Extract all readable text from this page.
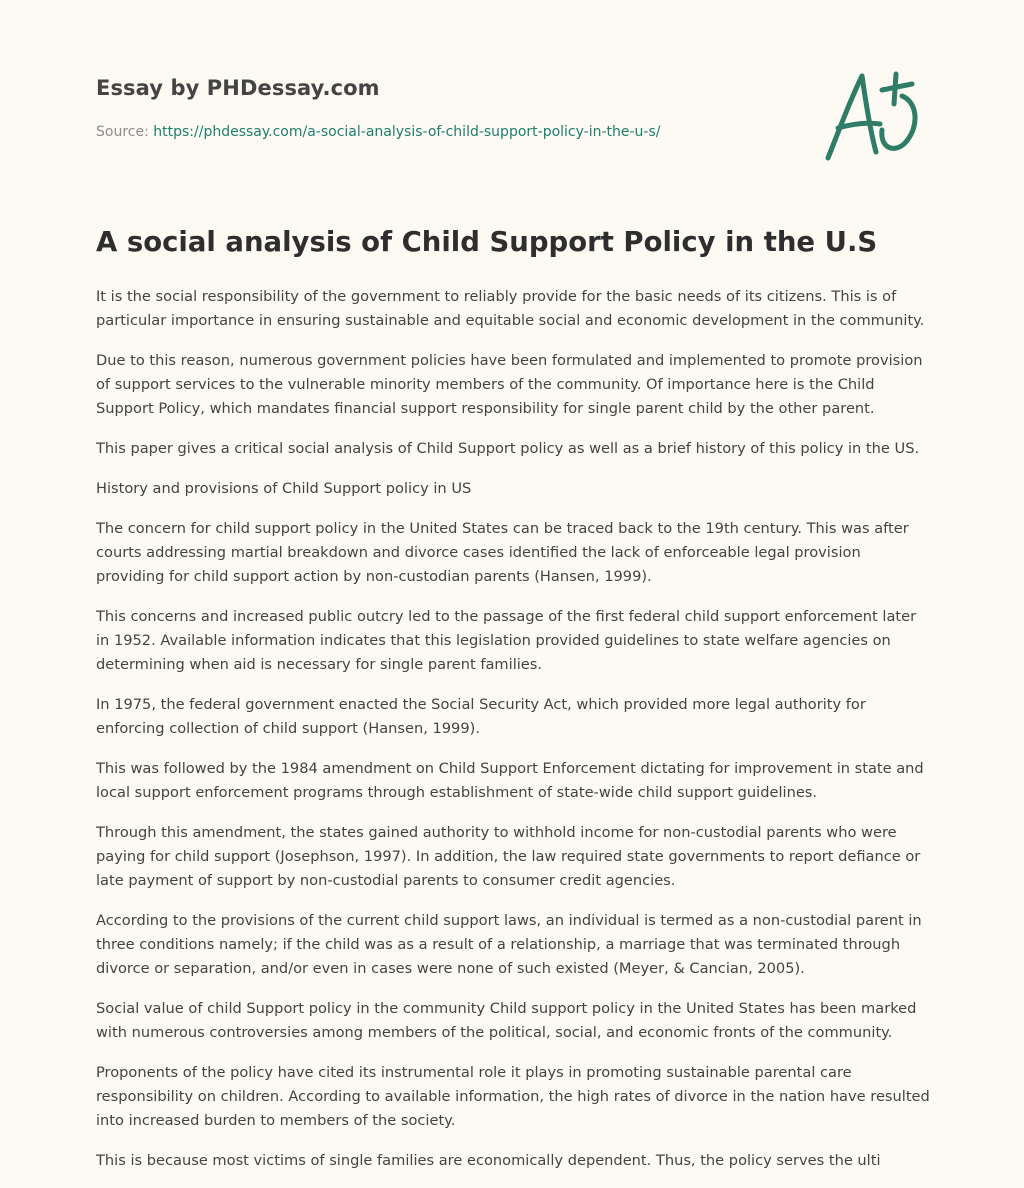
Essay by PHDessay.com
Source: https://phdessay.com/a-social-analysis-of-child-support-policy-in-the-u-s/
A social analysis of Child Support Policy in the U.S

It is the social responsibility of the government to reliably provide for the basic needs of its citizens. This is of particular importance in ensuring sustainable and equitable social and economic development in the community.

Due to this reason, numerous government policies have been formulated and implemented to promote provision of support services to the vulnerable minority members of the community. Of importance here is the Child Support Policy, which mandates financial support responsibility for single parent child by the other parent.

This paper gives a critical social analysis of Child Support policy as well as a brief history of this policy in the US.

History and provisions of Child Support policy in US

The concern for child support policy in the United States can be traced back to the 19th century. This was after courts addressing martial breakdown and divorce cases identified the lack of enforceable legal provision providing for child support action by non-custodian parents (Hansen, 1999).

This concerns and increased public outcry led to the passage of the first federal child support enforcement later in 1952. Available information indicates that this legislation provided guidelines to state welfare agencies on determining when aid is necessary for single parent families.

In 1975, the federal government enacted the Social Security Act, which provided more legal authority for enforcing collection of child support (Hansen, 1999).

This was followed by the 1984 amendment on Child Support Enforcement dictating for improvement in state and local support enforcement programs through establishment of state-wide child support guidelines.

Through this amendment, the states gained authority to withhold income for non-custodial parents who were paying for child support (Josephson, 1997). In addition, the law required state governments to report defiance or late payment of support by non-custodial parents to consumer credit agencies.

According to the provisions of the current child support laws, an individual is termed as a non-custodial parent in three conditions namely; if the child was as a result of a relationship, a marriage that was terminated through divorce or separation, and/or even in cases were none of such existed (Meyer, & Cancian, 2005).

Social value of child Support policy in the community Child support policy in the United States has been marked with numerous controversies among members of the political, social, and economic fronts of the community.

Proponents of the policy have cited its instrumental role it plays in promoting sustainable parental care responsibility on children. According to available information, the high rates of divorce in the nation have resulted into increased burden to members of the society.

This is because most victims of single families are economically dependent. Thus, the policy serves the ulti
